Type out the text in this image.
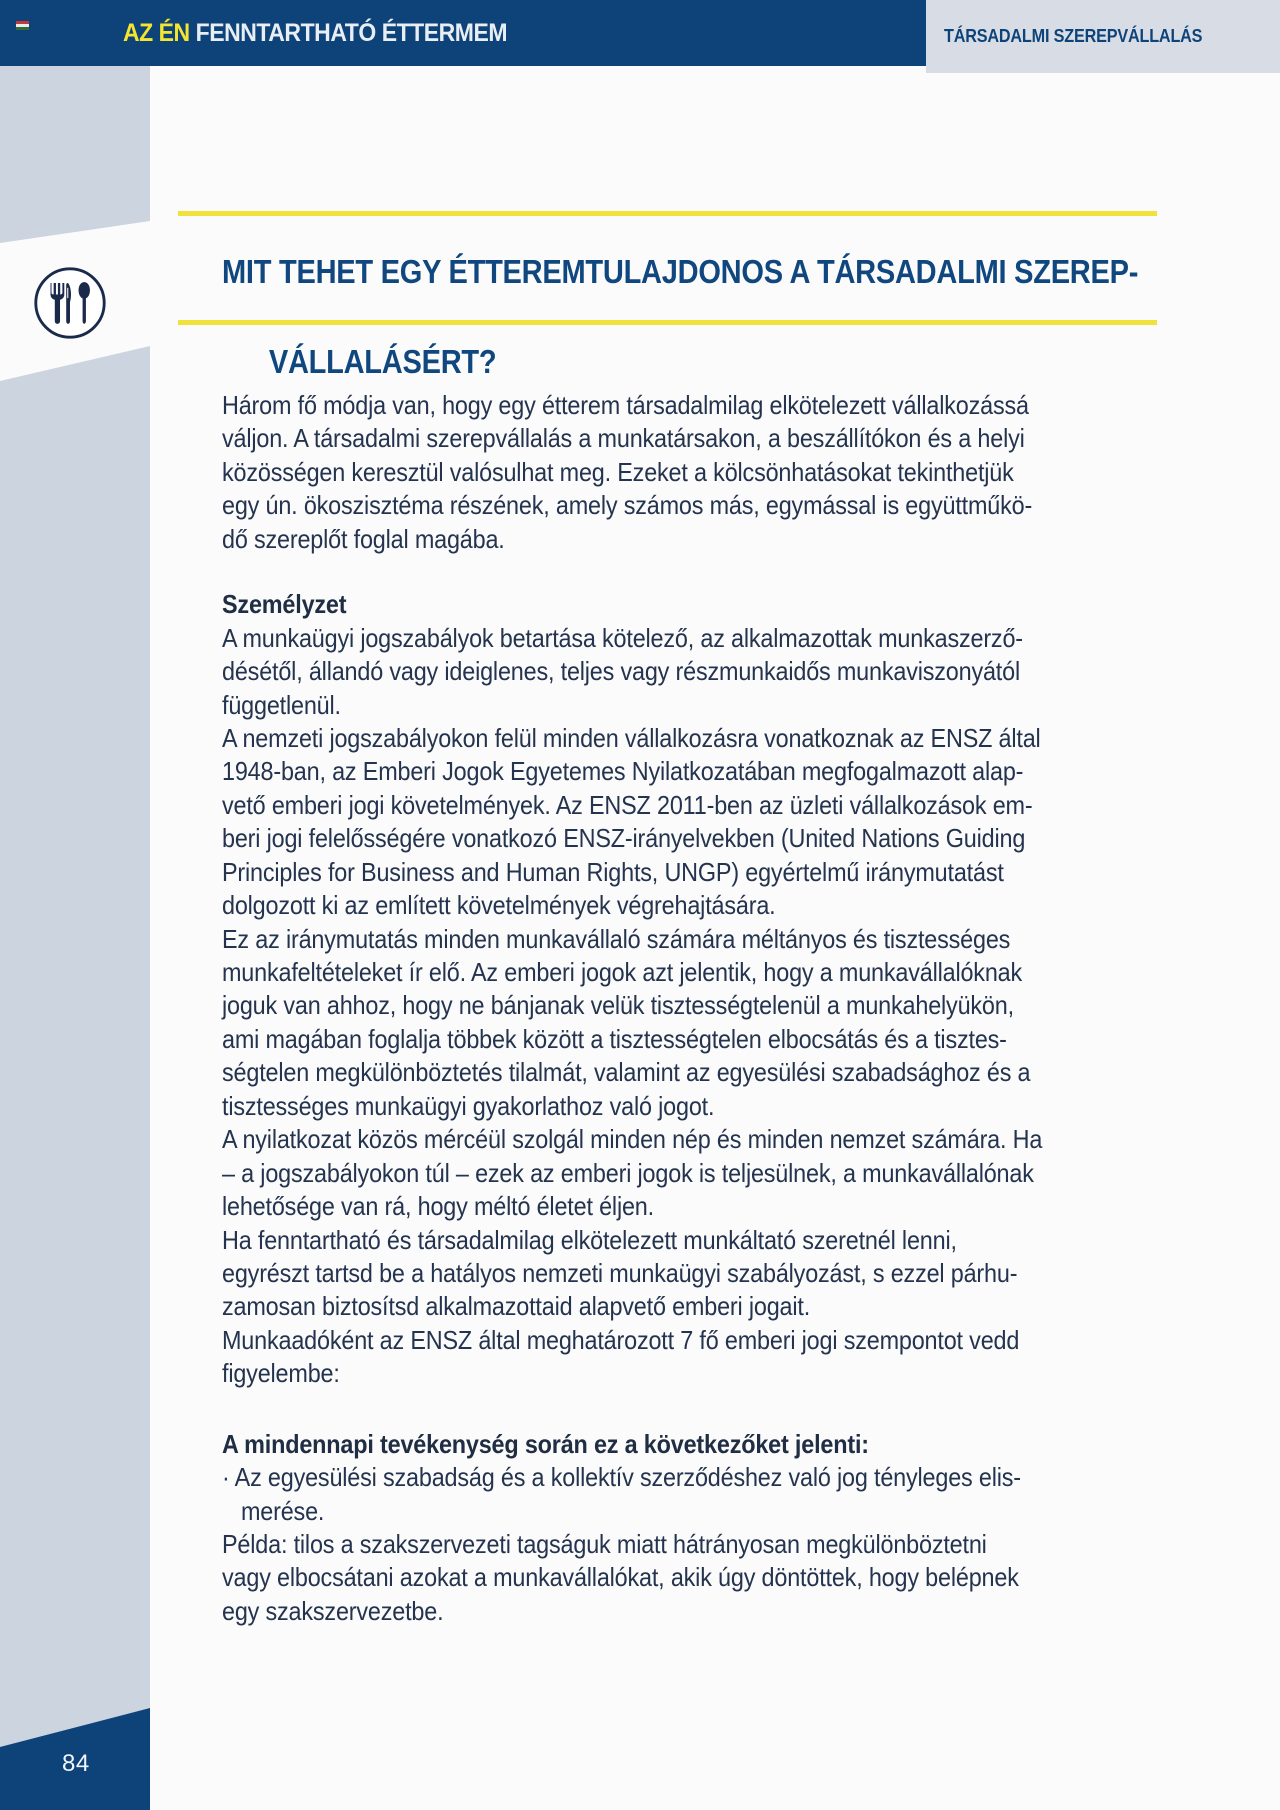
AZ ÉN FENNTARTHATÓ ÉTTERMEM	TÁRSADALMI SZEREPVÁLLALÁS
84
MIT TEHET EGY ÉTTEREMTULAJDONOS A TÁRSADALMI SZEREP-

VÁLLALÁSÉRT?
Három fő módja van, hogy egy étterem társadalmilag elkötelezett vállalkozássá
váljon. A társadalmi szerepvállalás a munkatársakon, a beszállítókon és a helyi
közösségen keresztül valósulhat meg. Ezeket a kölcsönhatásokat tekinthetjük
egy ún. ökoszisztéma részének, amely számos más, egymással is együttműkö-
dő szereplőt foglal magába.
Személyzet
A munkaügyi jogszabályok betartása kötelező, az alkalmazottak munkaszerző-
désétől, állandó vagy ideiglenes, teljes vagy részmunkaidős munkaviszonyától
függetlenül.
A nemzeti jogszabályokon felül minden vállalkozásra vonatkoznak az ENSZ által
1948-ban, az Emberi Jogok Egyetemes Nyilatkozatában megfogalmazott alap-
vető emberi jogi követelmények. Az ENSZ 2011-ben az üzleti vállalkozások em-
beri jogi felelősségére vonatkozó ENSZ-irányelvekben (United Nations Guiding
Principles for Business and Human Rights, UNGP) egyértelmű iránymutatást
dolgozott ki az említett követelmények végrehajtására.
Ez az iránymutatás minden munkavállaló számára méltányos és tisztességes
munkafeltételeket ír elő. Az emberi jogok azt jelentik, hogy a munkavállalóknak
joguk van ahhoz, hogy ne bánjanak velük tisztességtelenül a munkahelyükön,
ami magában foglalja többek között a tisztességtelen elbocsátás és a tisztes-
ségtelen megkülönböztetés tilalmát, valamint az egyesülési szabadsághoz és a
tisztességes munkaügyi gyakorlathoz való jogot.
A nyilatkozat közös mércéül szolgál minden nép és minden nemzet számára. Ha
– a jogszabályokon túl – ezek az emberi jogok is teljesülnek, a munkavállalónak
lehetősége van rá, hogy méltó életet éljen.
Ha fenntartható és társadalmilag elkötelezett munkáltató szeretnél lenni,
egyrészt tartsd be a hatályos nemzeti munkaügyi szabályozást, s ezzel párhu-
zamosan biztosítsd alkalmazottaid alapvető emberi jogait.
Munkaadóként az ENSZ által meghatározott 7 fő emberi jogi szempontot vedd
figyelembe:
A mindennapi tevékenység során ez a következőket jelenti:
· Az egyesülési szabadság és a kollektív szerződéshez való jog tényleges elis-
merése.
Példa: tilos a szakszervezeti tagságuk miatt hátrányosan megkülönböztetni
vagy elbocsátani azokat a munkavállalókat, akik úgy döntöttek, hogy belépnek
egy szakszervezetbe.
